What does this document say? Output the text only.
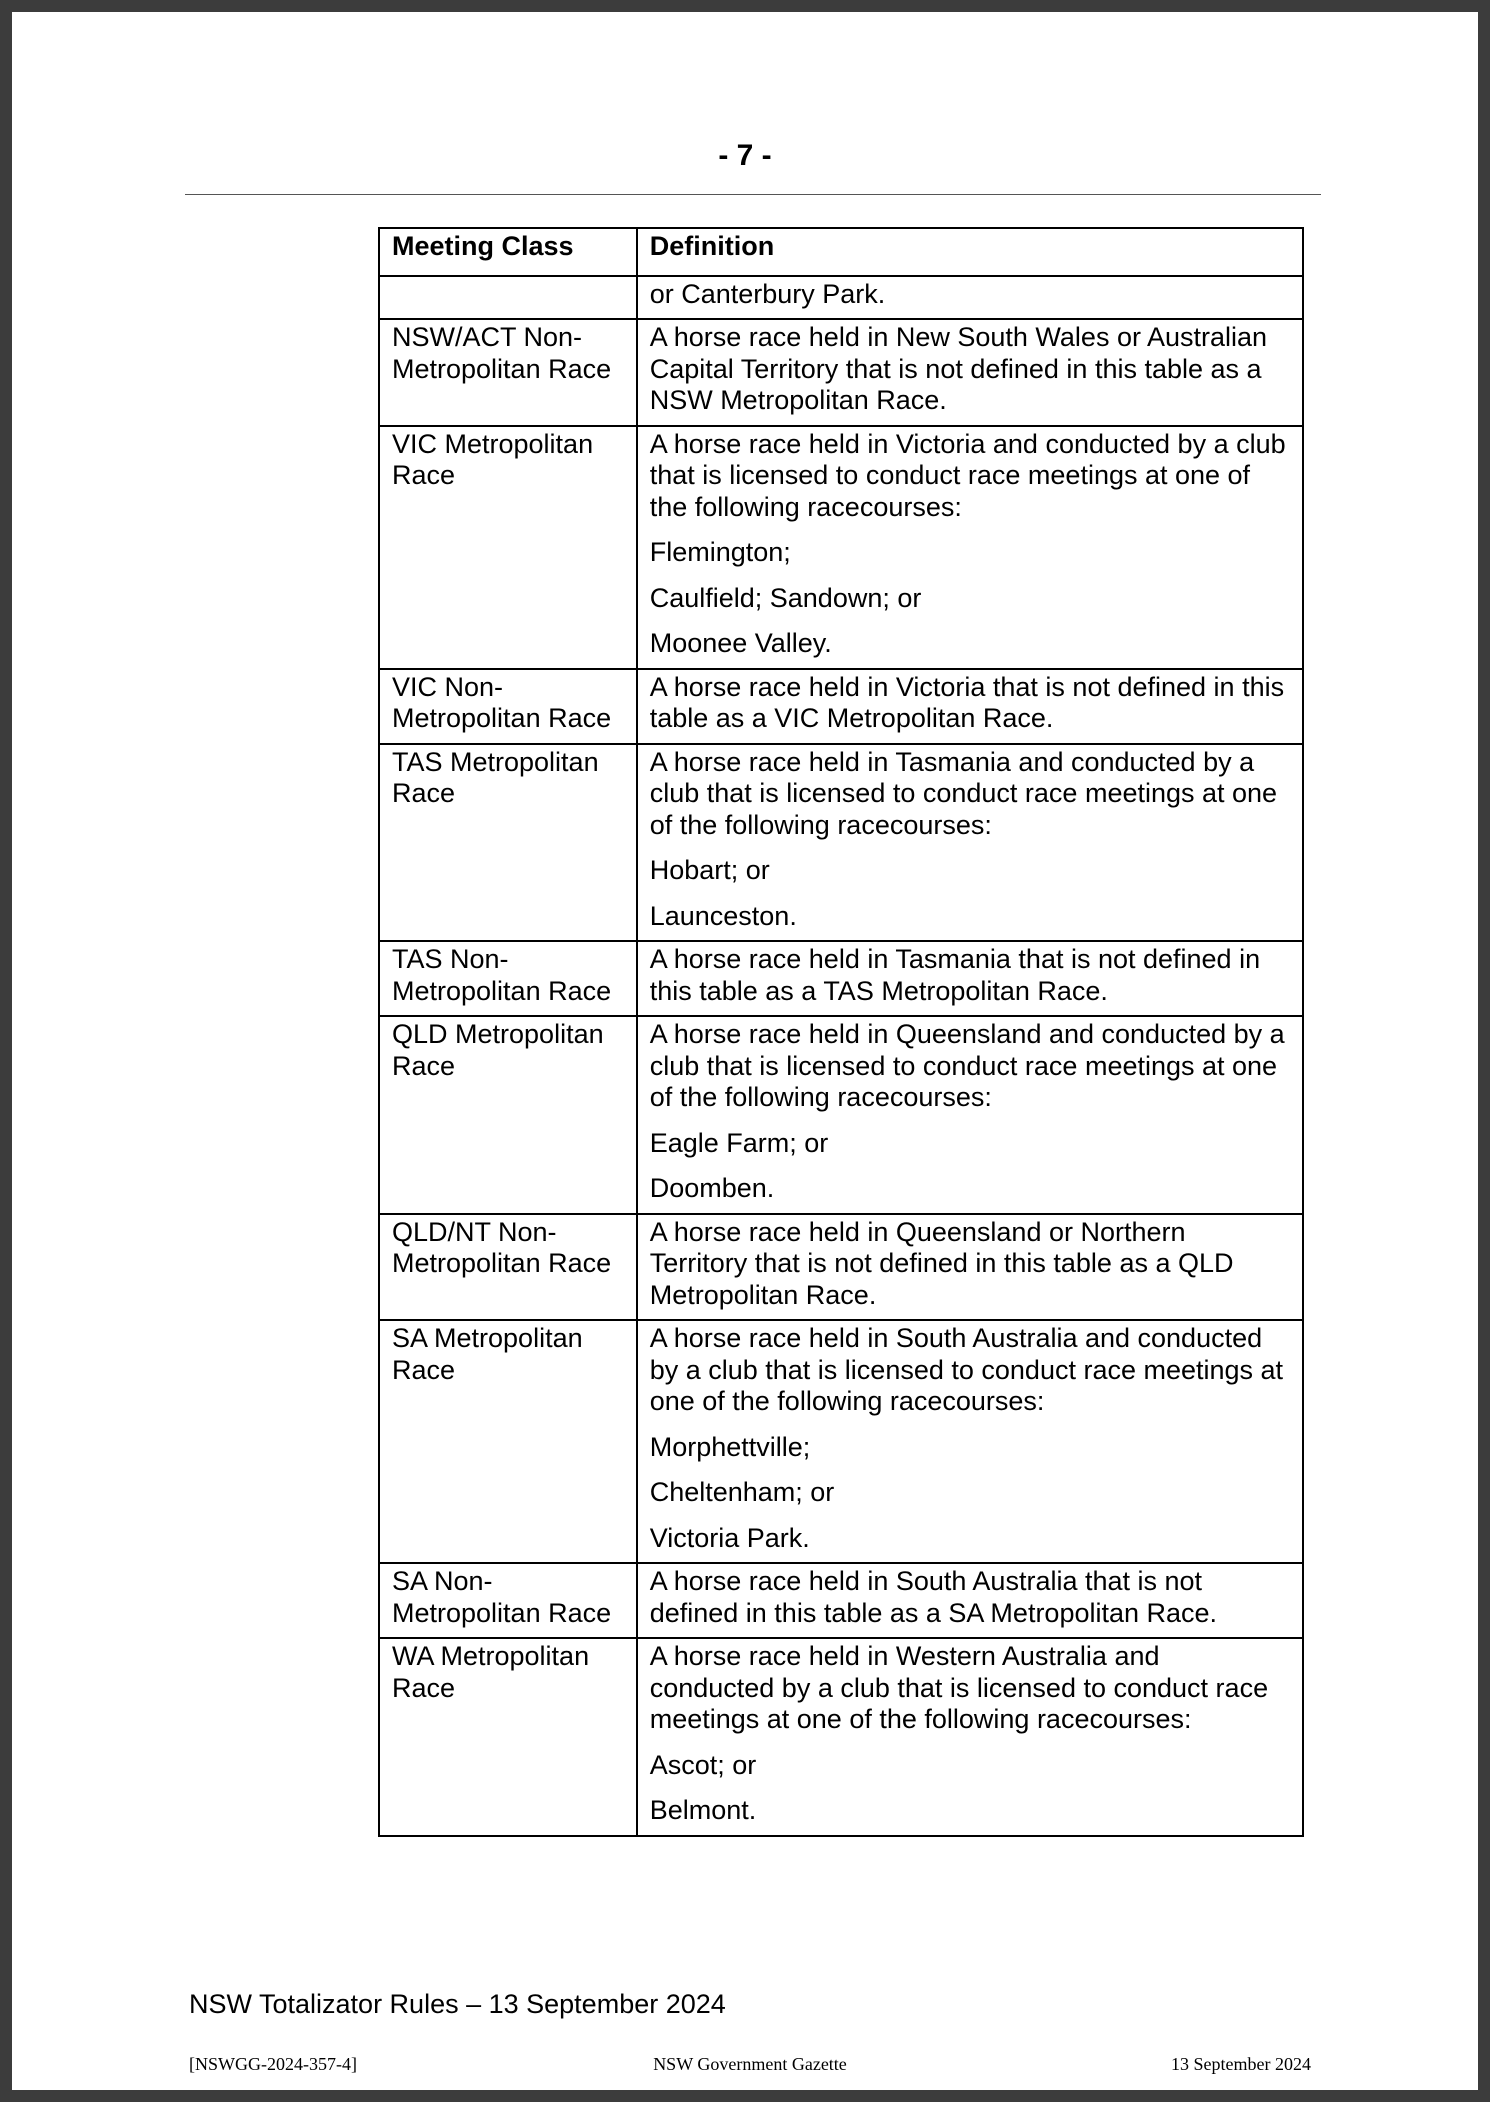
- 7 -
Meeting Class	Definition

	or Canterbury Park.

NSW/ACT Non-Metropolitan Race	A horse race held in New South Wales or Australian Capital Territory that is not defined in this table as a NSW Metropolitan Race.

VIC Metropolitan Race	A horse race held in Victoria and conducted by a club that is licensed to conduct race meetings at one of the following racecourses:

Flemington;

Caulfield; Sandown; or

Moonee Valley.

VIC Non-Metropolitan Race	A horse race held in Victoria that is not defined in this table as a VIC Metropolitan Race.

TAS Metropolitan Race	A horse race held in Tasmania and conducted by a club that is licensed to conduct race meetings at one of the following racecourses:

Hobart; or

Launceston.

TAS Non-Metropolitan Race	A horse race held in Tasmania that is not defined in this table as a TAS Metropolitan Race.

QLD Metropolitan Race	A horse race held in Queensland and conducted by a club that is licensed to conduct race meetings at one of the following racecourses:

Eagle Farm; or

Doomben.

QLD/NT Non-Metropolitan Race	A horse race held in Queensland or Northern Territory that is not defined in this table as a QLD Metropolitan Race.

SA Metropolitan Race	A horse race held in South Australia and conducted by a club that is licensed to conduct race meetings at one of the following racecourses:

Morphettville;

Cheltenham; or

Victoria Park.

SA Non-Metropolitan Race	A horse race held in South Australia that is not defined in this table as a SA Metropolitan Race.

WA Metropolitan Race	A horse race held in Western Australia and conducted by a club that is licensed to conduct race meetings at one of the following racecourses:

Ascot; or

Belmont.

NSW Totalizator Rules – 13 September 2024
[NSWGG-2024-357-4]	NSW Government Gazette	13 September 2024
